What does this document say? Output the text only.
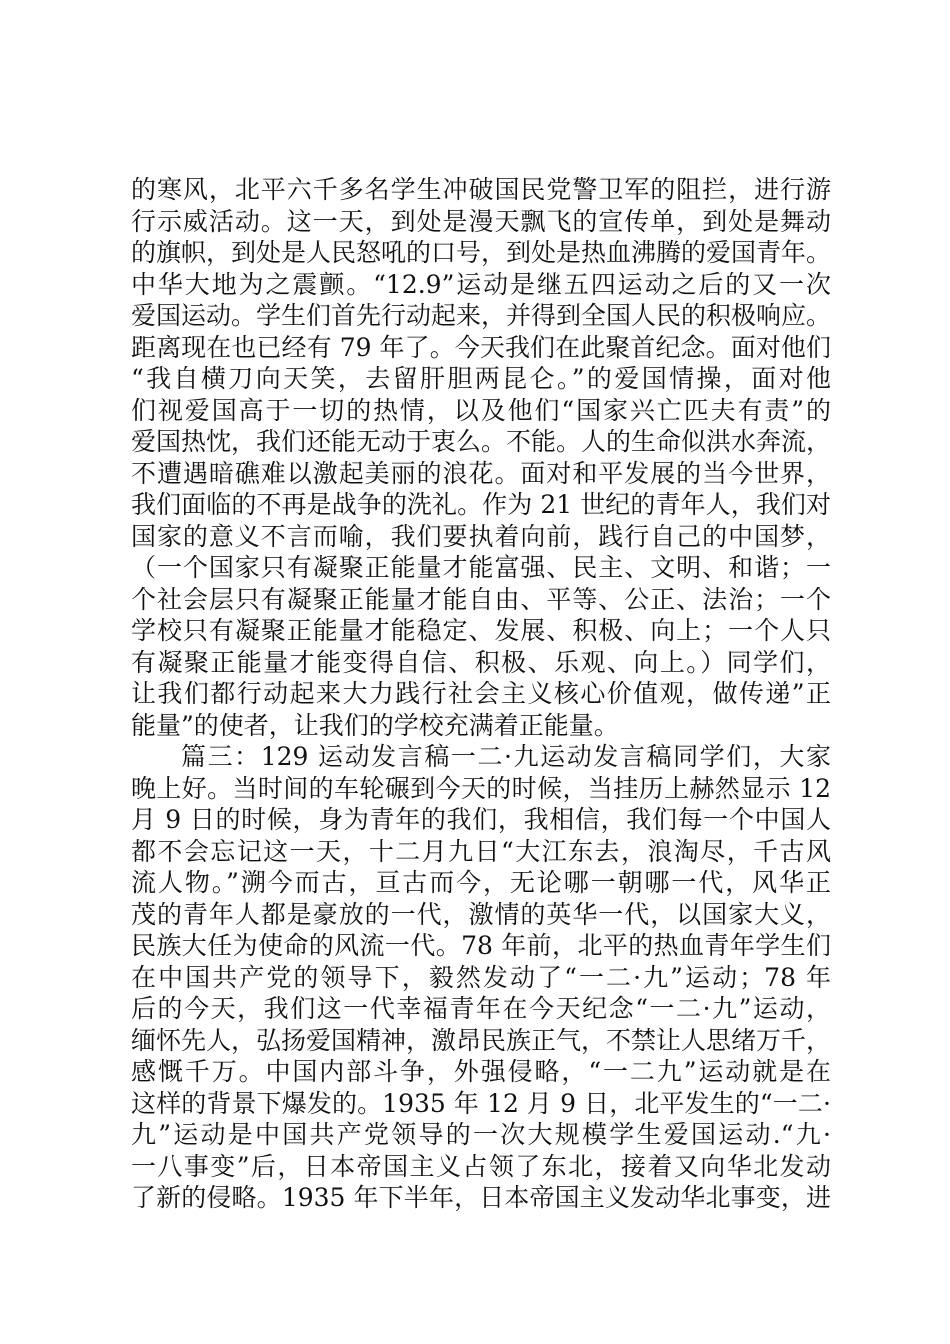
的寒风，北平六千多名学生冲破国民党警卫军的阻拦，进行游
行示威活动。这一天，到处是漫天飘飞的宣传单，到处是舞动
的旗帜，到处是人民怒吼的口号，到处是热血沸腾的爱国青年。
中华大地为之震颤。“12.9”运动是继五四运动之后的又一次
爱国运动。学生们首先行动起来，并得到全国人民的积极响应。
距离现在也已经有 79 年了。今天我们在此聚首纪念。面对他们
“我自横刀向天笑，去留肝胆两昆仑。”的爱国情操，面对他
们视爱国高于一切的热情，以及他们“国家兴亡匹夫有责”的
爱国热忱，我们还能无动于衷么。不能。人的生命似洪水奔流，
不遭遇暗礁难以激起美丽的浪花。面对和平发展的当今世界，
我们面临的不再是战争的洗礼。作为 21 世纪的青年人，我们对
国家的意义不言而喻，我们要执着向前，践行自己的中国梦，
（一个国家只有凝聚正能量才能富强、民主、文明、和谐；一
个社会层只有凝聚正能量才能自由、平等、公正、法治；一个
学校只有凝聚正能量才能稳定、发展、积极、向上；一个人只
有凝聚正能量才能变得自信、积极、乐观、向上。）同学们，
让我们都行动起来大力践行社会主义核心价值观，做传递”正
能量”的使者，让我们的学校充满着正能量。
篇三：129 运动发言稿一二·九运动发言稿同学们，大家
晚上好。当时间的车轮碾到今天的时候，当挂历上赫然显示 12
月 9 日的时候，身为青年的我们，我相信，我们每一个中国人
都不会忘记这一天，十二月九日“大江东去，浪淘尽，千古风
流人物。”溯今而古，亘古而今，无论哪一朝哪一代，风华正
茂的青年人都是豪放的一代，激情的英华一代，以国家大义，
民族大任为使命的风流一代。78 年前，北平的热血青年学生们
在中国共产党的领导下，毅然发动了“一二·九”运动；78 年
后的今天，我们这一代幸福青年在今天纪念“一二·九”运动，
缅怀先人，弘扬爱国精神，激昂民族正气，不禁让人思绪万千，
感慨千万。中国内部斗争，外强侵略，“一二九”运动就是在
这样的背景下爆发的。1935 年 12 月 9 日，北平发生的“一二·
九”运动是中国共产党领导的一次大规模学生爱国运动.“九·
一八事变”后，日本帝国主义占领了东北，接着又向华北发动
了新的侵略。1935 年下半年，日本帝国主义发动华北事变，进
